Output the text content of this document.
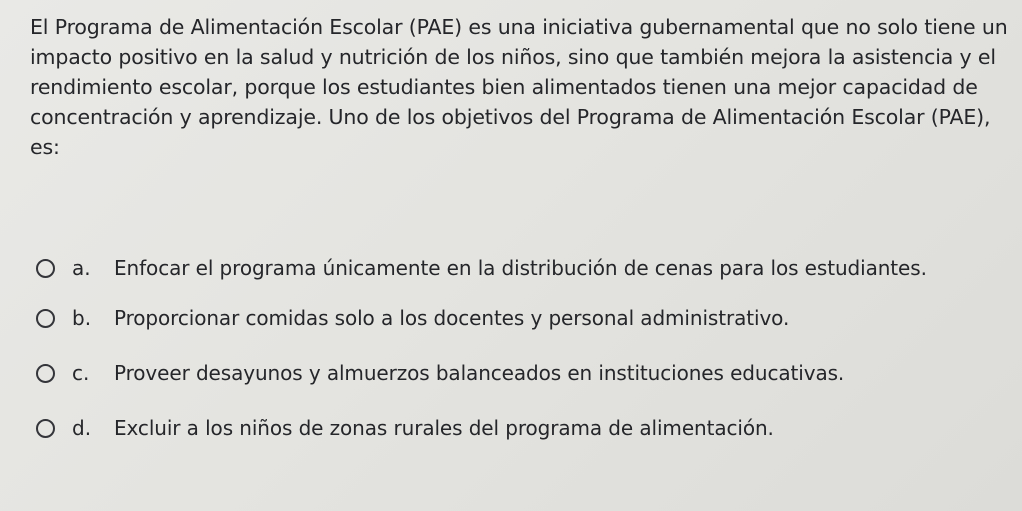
El Programa de Alimentación Escolar (PAE) es una iniciativa gubernamental que no solo tiene un impacto positivo en la salud y nutrición de los niños, sino que también mejora la asistencia y el rendimiento escolar, porque los estudiantes bien alimentados tienen una mejor capacidad de concentración y aprendizaje. Uno de los objetivos del Programa de Alimentación Escolar (PAE), es:

a.	Enfocar el programa únicamente en la distribución de cenas para los estudiantes.
b.	Proporcionar comidas solo a los docentes y personal administrativo.
c.	Proveer desayunos y almuerzos balanceados en instituciones educativas.
d.	Excluir a los niños de zonas rurales del programa de alimentación.
